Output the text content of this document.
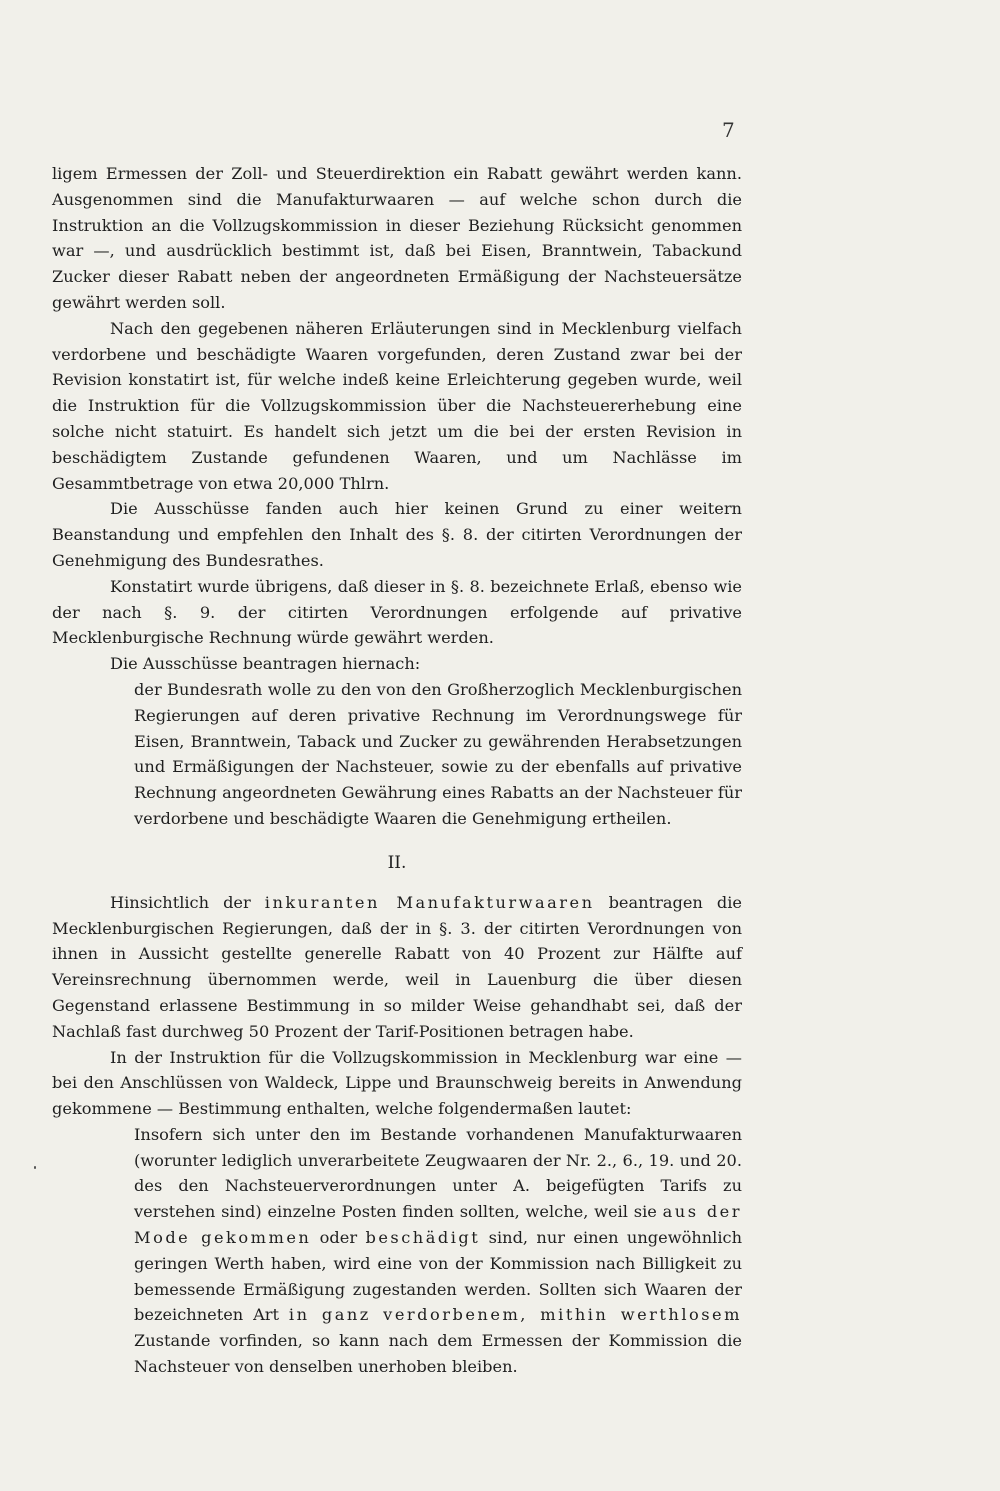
7

ligem Ermessen der Zoll- und Steuerdirektion ein Rabatt gewährt werden kann. Ausgenommen sind die Manufakturwaaren — auf welche schon durch die Instruktion an die Vollzugskommission in dieser Beziehung Rücksicht genommen war —, und ausdrücklich bestimmt ist, daß bei Eisen, Branntwein, Tabackund Zucker dieser Rabatt neben der angeordneten Ermäßigung der Nachsteuersätze gewährt werden soll.

Nach den gegebenen näheren Erläuterungen sind in Mecklenburg vielfach verdorbene und beschädigte Waaren vorgefunden, deren Zustand zwar bei der Revision konstatirt ist, für welche indeß keine Erleichterung gegeben wurde, weil die Instruktion für die Vollzugskommission über die Nachsteuererhebung eine solche nicht statuirt. Es handelt sich jetzt um die bei der ersten Revision in beschädigtem Zustande gefundenen Waaren, und um Nachlässe im Gesammtbetrage von etwa 20,000 Thlrn.

Die Ausschüsse fanden auch hier keinen Grund zu einer weitern Beanstandung und empfehlen den Inhalt des §. 8. der citirten Verordnungen der Genehmigung des Bundesrathes.

Konstatirt wurde übrigens, daß dieser in §. 8. bezeichnete Erlaß, ebenso wie der nach §. 9. der citirten Verordnungen erfolgende auf privative Mecklenburgische Rechnung würde gewährt werden.

Die Ausschüsse beantragen hiernach:

der Bundesrath wolle zu den von den Großherzoglich Mecklenburgischen Regierungen auf deren privative Rechnung im Verordnungswege für Eisen, Branntwein, Taback und Zucker zu gewährenden Herabsetzungen und Ermäßigungen der Nachsteuer, sowie zu der ebenfalls auf privative Rechnung angeordneten Gewährung eines Rabatts an der Nachsteuer für verdorbene und beschädigte Waaren die Genehmigung ertheilen.

II.

Hinsichtlich der inkuranten Manufakturwaaren beantragen die Mecklenburgischen Regierungen, daß der in §. 3. der citirten Verordnungen von ihnen in Aussicht gestellte generelle Rabatt von 40 Prozent zur Hälfte auf Vereinsrechnung übernommen werde, weil in Lauenburg die über diesen Gegenstand erlassene Bestimmung in so milder Weise gehandhabt sei, daß der Nachlaß fast durchweg 50 Prozent der Tarif-Positionen betragen habe.

In der Instruktion für die Vollzugskommission in Mecklenburg war eine — bei den Anschlüssen von Waldeck, Lippe und Braunschweig bereits in Anwendung gekommene — Bestimmung enthalten, welche folgendermaßen lautet:

Insofern sich unter den im Bestande vorhandenen Manufakturwaaren (worunter lediglich unverarbeitete Zeugwaaren der Nr. 2., 6., 19. und 20. des den Nachsteuerverordnungen unter A. beigefügten Tarifs zu verstehen sind) einzelne Posten finden sollten, welche, weil sie aus der Mode gekommen oder beschädigt sind, nur einen ungewöhnlich geringen Werth haben, wird eine von der Kommission nach Billigkeit zu bemessende Ermäßigung zugestanden werden. Sollten sich Waaren der bezeichneten Art in ganz verdorbenem, mithin werthlosem Zustande vorfinden, so kann nach dem Ermessen der Kommission die Nachsteuer von denselben unerhoben bleiben.
